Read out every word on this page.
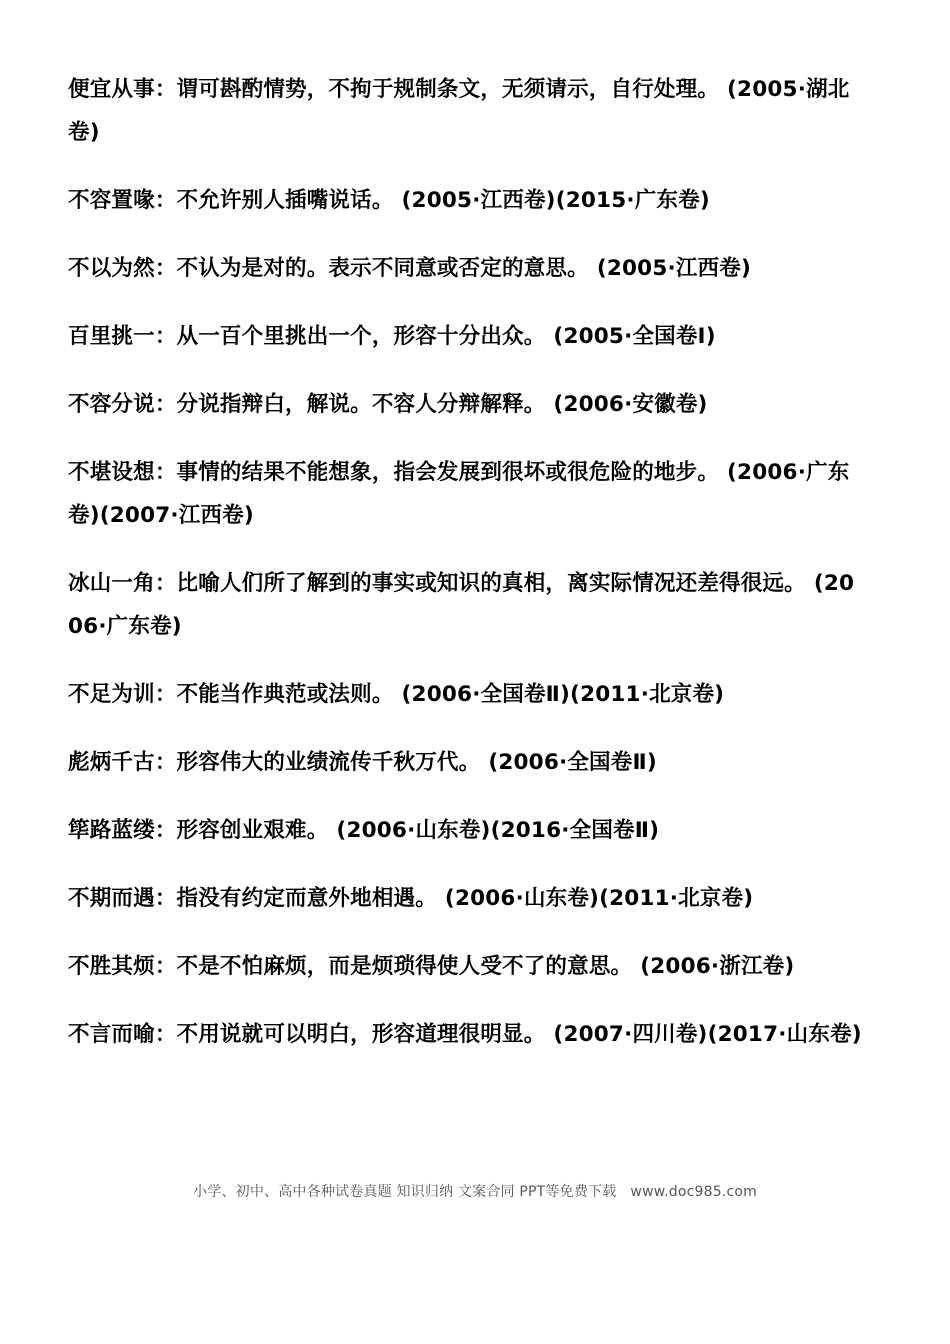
便宜从事 ： 谓可斟酌情势，不拘于规制条文，无须请示，自行处理。 (2005·湖北卷)

不容置喙 ： 不允许别人插嘴说话。 (2005·江西卷)(2015·广东卷)

不以为然 ： 不认为是对的。表示不同意或否定的意思。 (2005·江西卷)

百里挑一 ： 从一百个里挑出一个，形容十分出众。 (2005·全国卷Ⅰ)

不容分说 ： 分说指辩白，解说。不容人分辩解释。 (2006·安徽卷)

不堪设想 ： 事情的结果不能想象，指会发展到很坏或很危险的地步。 (2006·广东卷)(2007·江西卷)

冰山一角 ： 比喻人们所了解到的事实或知识的真相，离实际情况还差得很远。 (2006·广东卷)

不足为训 ： 不能当作典范或法则。 (2006·全国卷Ⅱ)(2011·北京卷)

彪炳千古 ： 形容伟大的业绩流传千秋万代。 (2006·全国卷Ⅱ)

筚路蓝缕 ： 形容创业艰难。 (2006·山东卷)(2016·全国卷Ⅱ)

不期而遇 ： 指没有约定而意外地相遇。 (2006·山东卷)(2011·北京卷)

不胜其烦 ： 不是不怕麻烦，而是烦琐得使人受不了的意思。 (2006·浙江卷)

不言而喻 ： 不用说就可以明白，形容道理很明显。 (2007·四川卷)(2017·山东卷)

小学、初中、高中各种试卷真题 知识归纳 文案合同 PPT等免费下载 www.doc985.com
